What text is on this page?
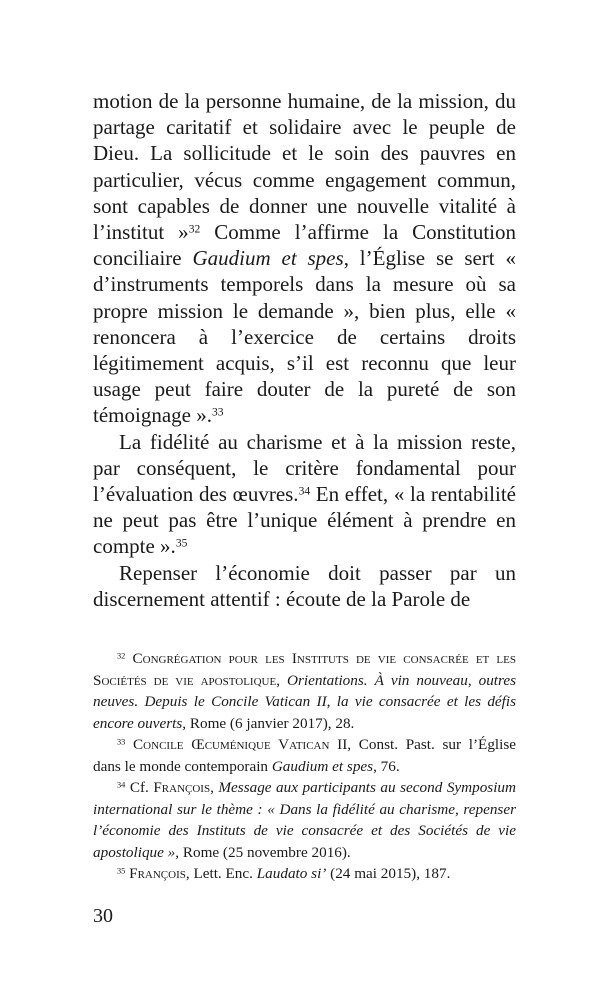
motion de la personne humaine, de la mission, du partage caritatif et solidaire avec le peuple de Dieu. La sollicitude et le soin des pauvres en particulier, vécus comme engagement commun, sont capables de donner une nouvelle vitalité à l’institut »$^{32}$ Comme l’affirme la Constitution conciliaire Gaudium et spes, l’Église se sert « d’instruments temporels dans la mesure où sa propre mission le demande », bien plus, elle « renoncera à l’exercice de certains droits légitimement acquis, s’il est reconnu que leur usage peut faire douter de la pureté de son témoignage ».$^{33}$

La fidélité au charisme et à la mission reste, par conséquent, le critère fondamental pour l’évaluation des œuvres.$^{34}$ En effet, « la rentabilité ne peut pas être l’unique élément à prendre en compte ».$^{35}$

Repenser l’économie doit passer par un discernement attentif : écoute de la Parole de

$^{32}$ Congrégation pour les Instituts de vie consacrée et les Sociétés de vie apostolique, Orientations. À vin nouveau, outres neuves. Depuis le Concile Vatican II, la vie consacrée et les défis encore ouverts, Rome (6 janvier 2017), 28.

$^{33}$ Concile Œcuménique Vatican II, Const. Past. sur l’Église dans le monde contemporain Gaudium et spes, 76.

$^{34}$ Cf. François, Message aux participants au second Symposium international sur le thème : « Dans la fidélité au charisme, repenser l’économie des Instituts de vie consacrée et des Sociétés de vie apostolique », Rome (25 novembre 2016).

$^{35}$ François, Lett. Enc. Laudato si’ (24 mai 2015), 187.

30
